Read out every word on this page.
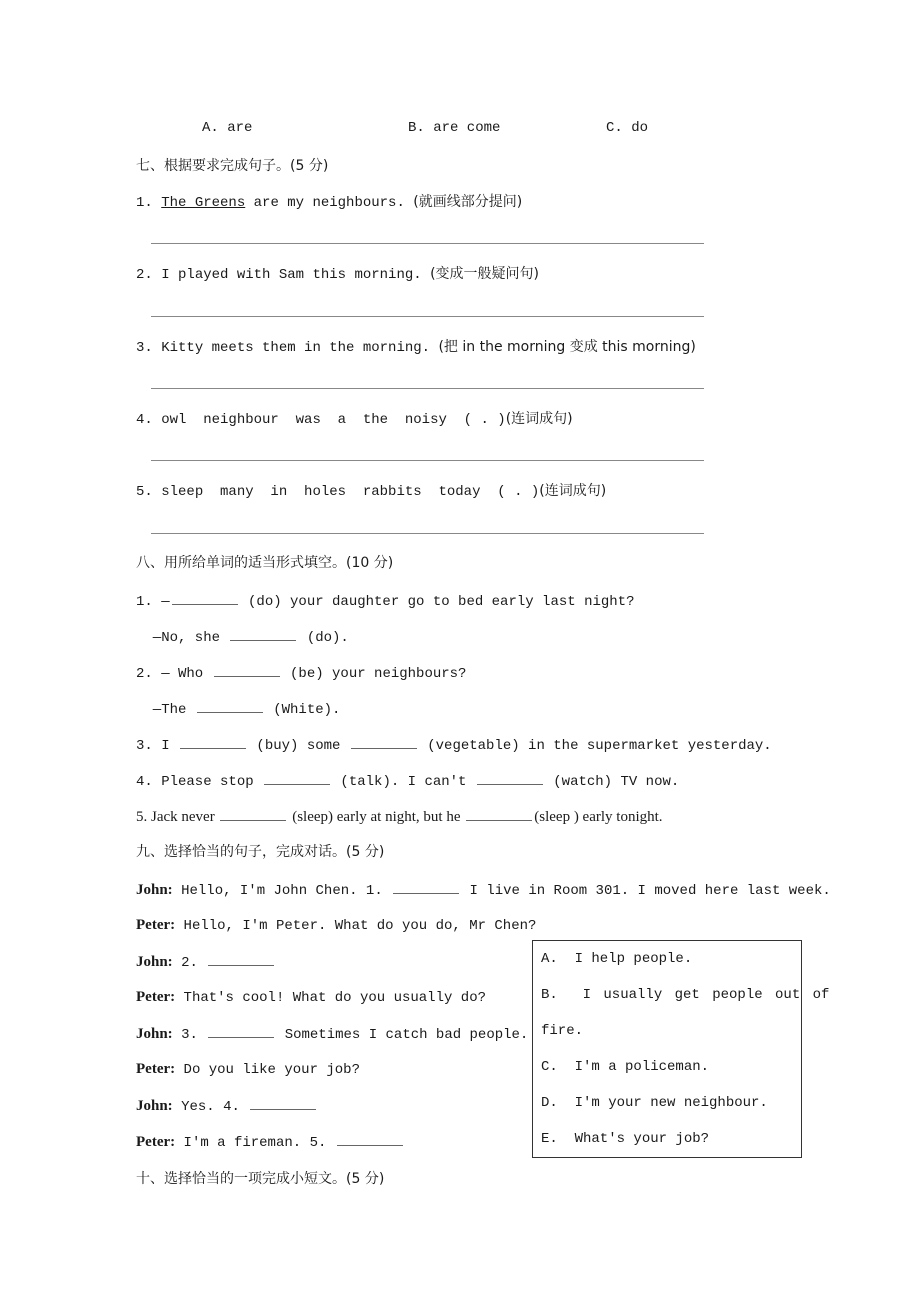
A. are	B. are come	C. do
七、根据要求完成句子。(5 分)
1. The Greens are my neighbours. (就画线部分提问)
2. I played with Sam this morning. (变成一般疑问句)
3. Kitty meets them in the morning. (把 in the morning 变成 this morning)
4. owl  neighbour  was  a  the  noisy  ( . )(连词成句)
5. sleep  many  in  holes  rabbits  today  ( . )(连词成句)
八、用所给单词的适当形式填空。(10 分)
1. —	(do) your daughter go to bed early last night?
—No, she	(do).
2. — Who	(be) your neighbours?
—The	(White).
3. I	(buy) some	(vegetable) in the supermarket yesterday.
4. Please stop	(talk). I can't	(watch) TV now.
5. Jack never	(sleep) early at night, but he	(sleep ) early tonight.
九、选择恰当的句子，完成对话。(5 分)
John: Hello, I'm John Chen. 1.	I live in Room 301. I moved here last week.
Peter: Hello, I'm Peter. What do you do, Mr Chen?
John: 2.
Peter: That's cool! What do you usually do?
John: 3.	Sometimes I catch bad people.
Peter: Do you like your job?
John: Yes. 4.
Peter: I'm a fireman. 5.
A.  I help people.
B.  I usually get people out of
fire.
C.  I'm a policeman.
D.  I'm your new neighbour.
E.  What's your job?
十、选择恰当的一项完成小短文。(5 分)
